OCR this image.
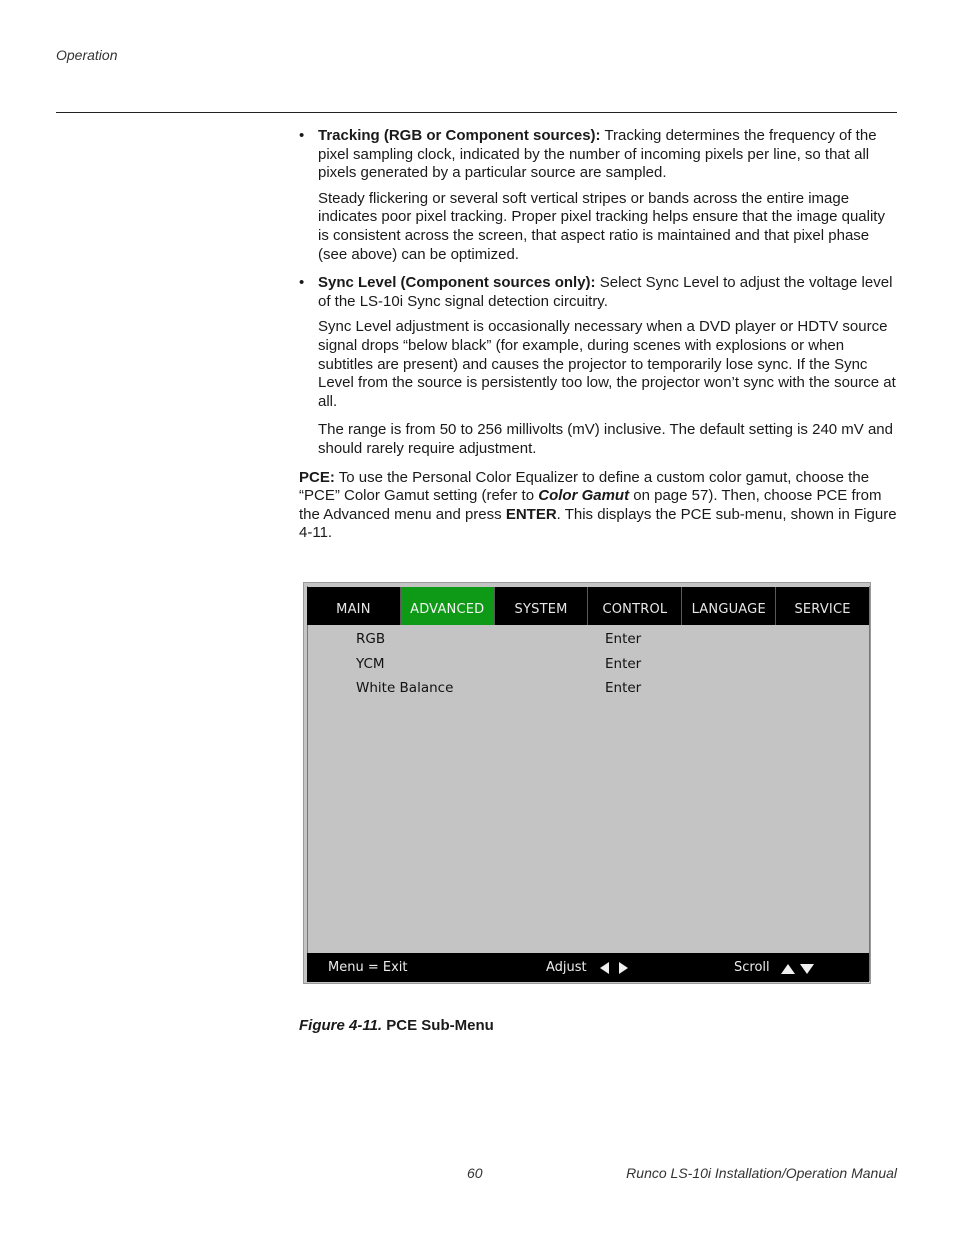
Operation
• Tracking (RGB or Component sources): Tracking determines the frequency of the pixel sampling clock, indicated by the number of incoming pixels per line, so that all pixels generated by a particular source are sampled.

Steady flickering or several soft vertical stripes or bands across the entire image indicates poor pixel tracking. Proper pixel tracking helps ensure that the image quality is consistent across the screen, that aspect ratio is maintained and that pixel phase (see above) can be optimized.

• Sync Level (Component sources only): Select Sync Level to adjust the voltage level of the LS-10i Sync signal detection circuitry.

Sync Level adjustment is occasionally necessary when a DVD player or HDTV source signal drops “below black” (for example, during scenes with explosions or when subtitles are present) and causes the projector to temporarily lose sync. If the Sync Level from the source is persistently too low, the projector won’t sync with the source at all.

The range is from 50 to 256 millivolts (mV) inclusive. The default setting is 240 mV and should rarely require adjustment.

PCE: To use the Personal Color Equalizer to define a custom color gamut, choose the “PCE” Color Gamut setting (refer to Color Gamut on page 57). Then, choose PCE from the Advanced menu and press ENTER. This displays the PCE sub-menu, shown in Figure 4-11.

MAIN	ADVANCED	SYSTEM	CONTROL	LANGUAGE	SERVICE
RGB	Enter
YCM	Enter
White Balance	Enter
Menu = Exit	Adjust	Scroll
Figure 4-11. PCE Sub-Menu
60	Runco LS-10i Installation/Operation Manual
